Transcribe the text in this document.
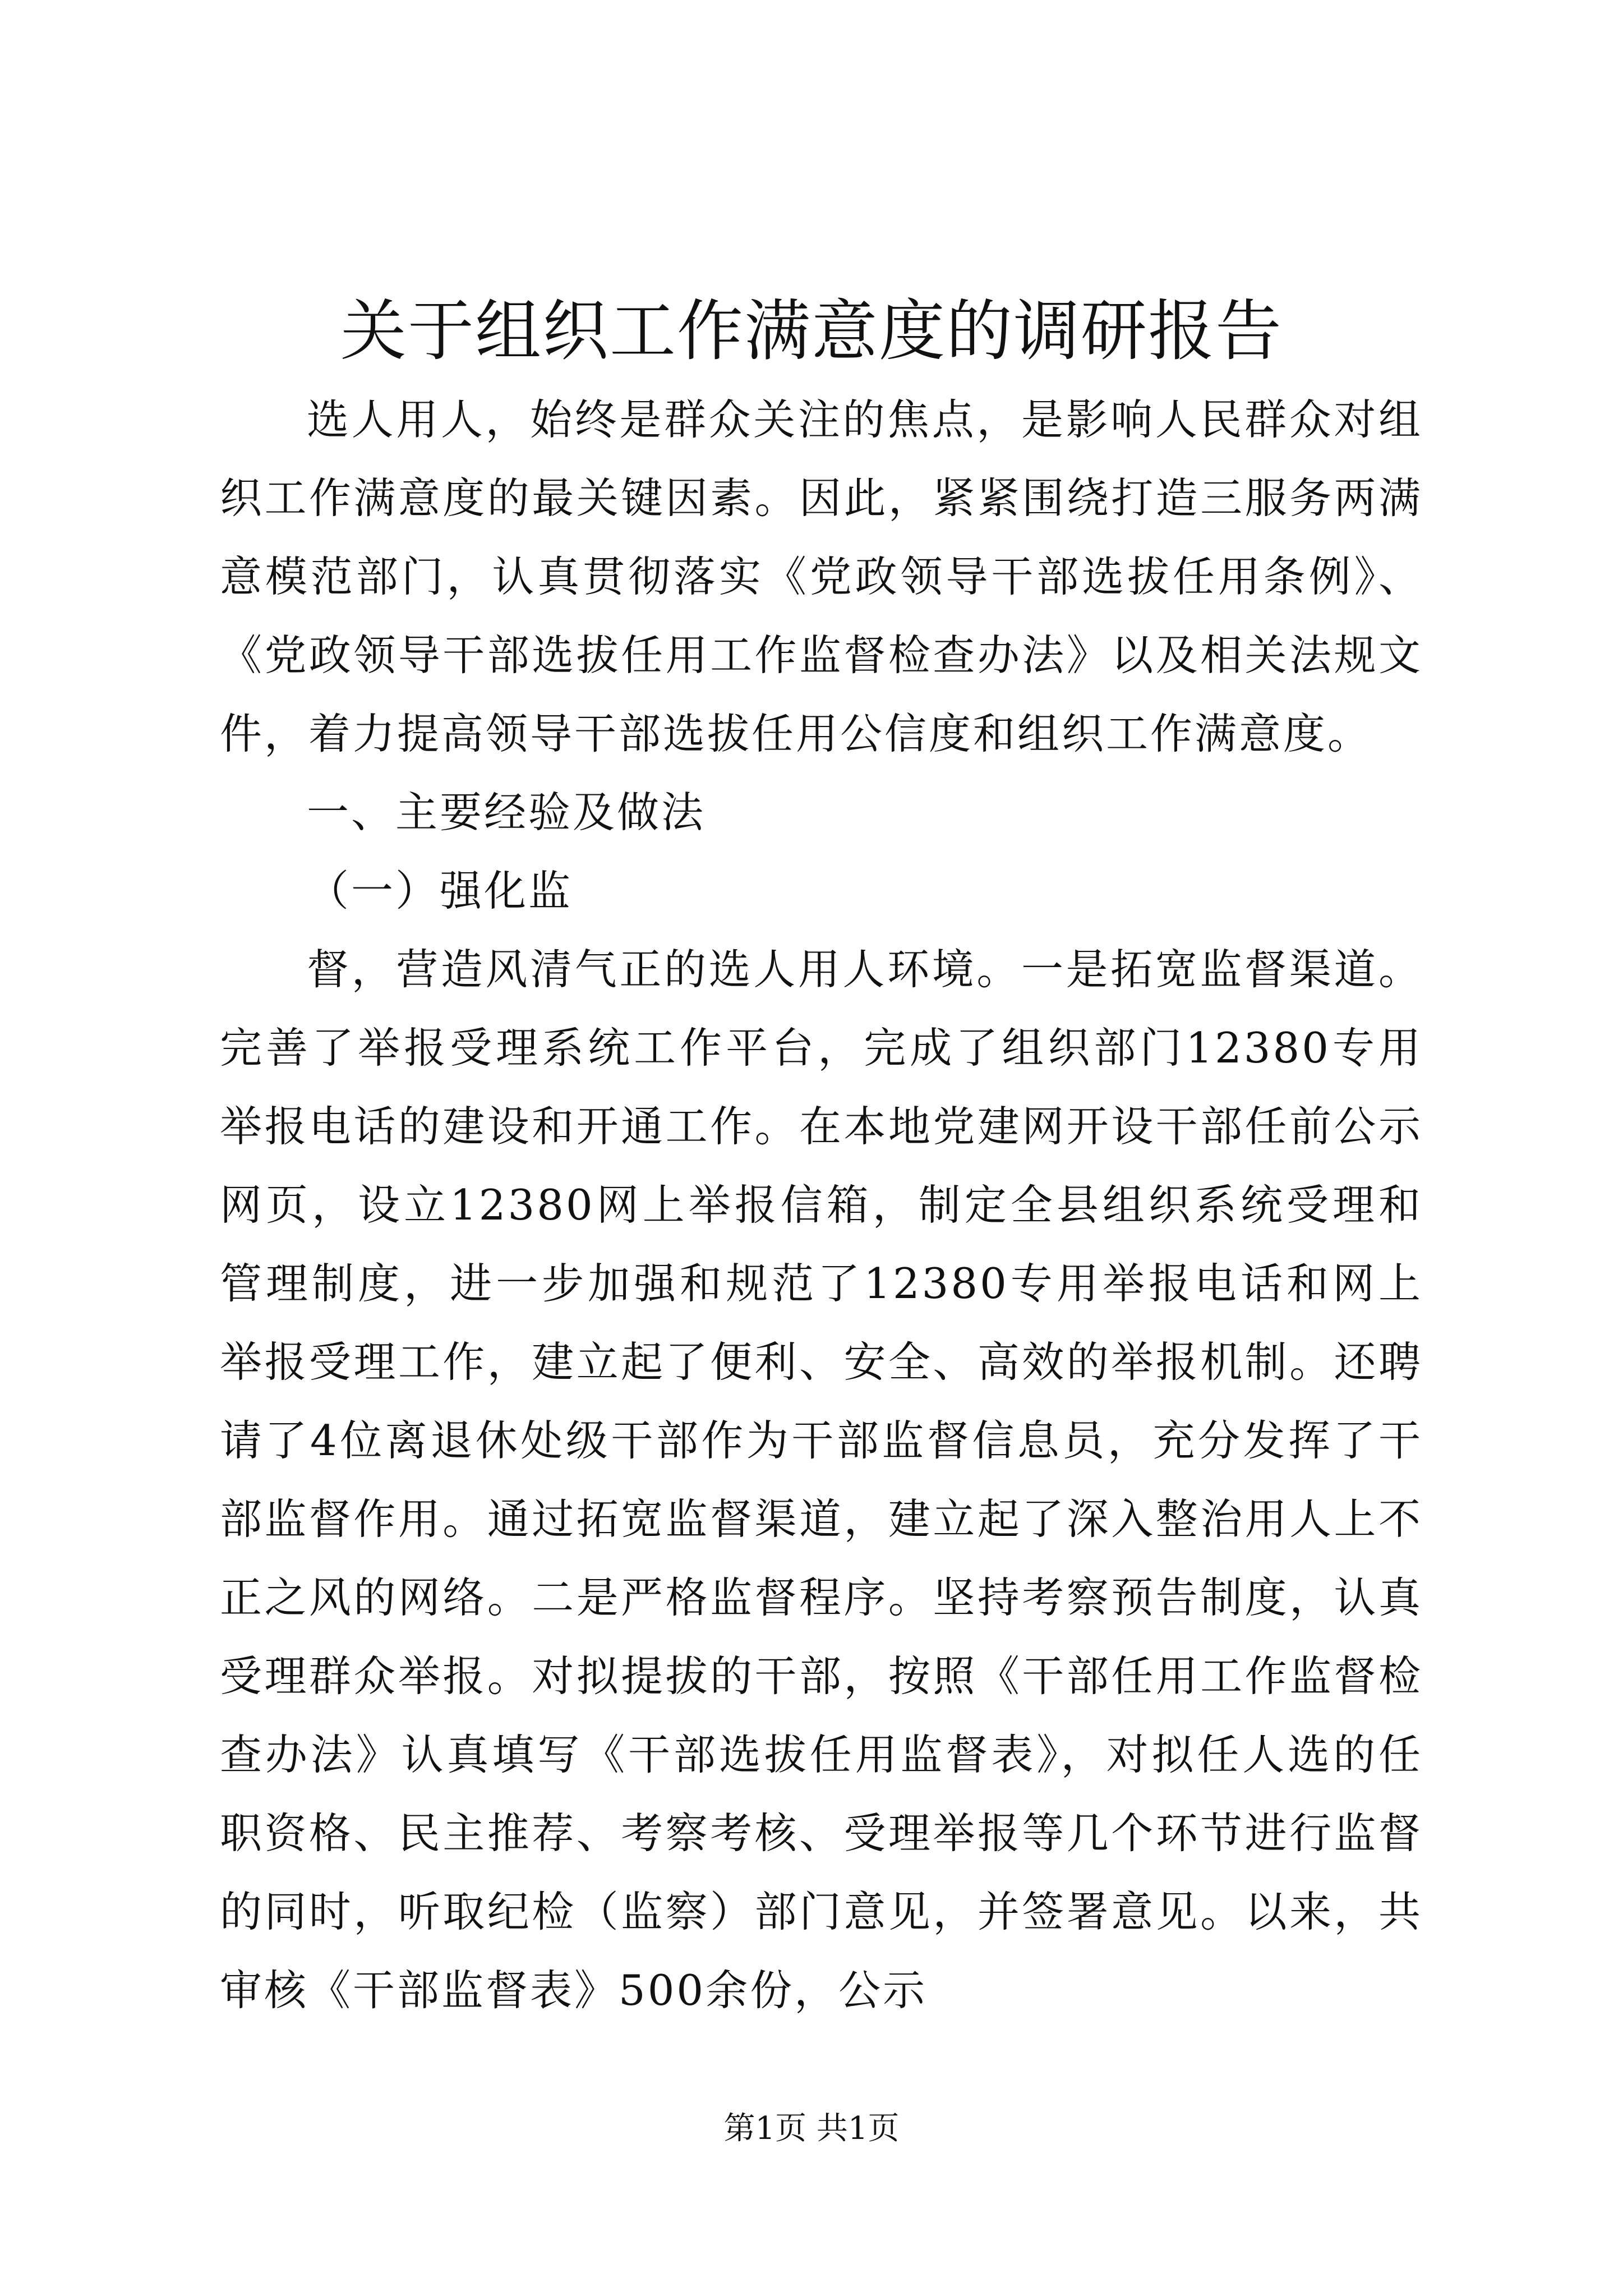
关于组织工作满意度的调研报告

选人用人，始终是群众关注的焦点，是影响人民群众对组织工作满意度的最关键因素。因此，紧紧围绕打造三服务两满意模范部门，认真贯彻落实《党政领导干部选拔任用条例》、《党政领导干部选拔任用工作监督检查办法》以及相关法规文件，着力提高领导干部选拔任用公信度和组织工作满意度。

一、主要经验及做法

（一）强化监

督，营造风清气正的选人用人环境。一是拓宽监督渠道。完善了举报受理系统工作平台，完成了组织部门12380专用举报电话的建设和开通工作。在本地党建网开设干部任前公示网页，设立12380网上举报信箱，制定全县组织系统受理和管理制度，进一步加强和规范了12380专用举报电话和网上举报受理工作，建立起了便利、安全、高效的举报机制。还聘请了4位离退休处级干部作为干部监督信息员，充分发挥了干部监督作用。通过拓宽监督渠道，建立起了深入整治用人上不正之风的网络。二是严格监督程序。坚持考察预告制度，认真受理群众举报。对拟提拔的干部，按照《干部任用工作监督检查办法》认真填写《干部选拔任用监督表》，对拟任人选的任职资格、民主推荐、考察考核、受理举报等几个环节进行监督的同时，听取纪检（监察）部门意见，并签署意见。以来，共审核《干部监督表》500余份，公示

第1页 共1页
